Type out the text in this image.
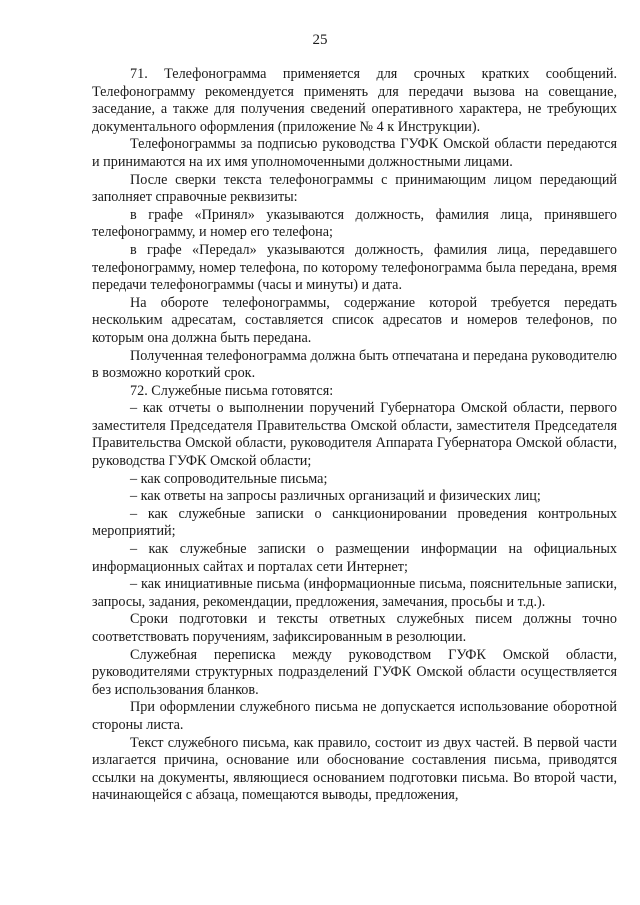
25

71. Телефонограмма применяется для срочных кратких сообщений. Телефонограмму рекомендуется применять для передачи вызова на совещание, заседание, а также для получения сведений оперативного характера, не требующих документального оформления (приложение № 4 к Инструкции).

Телефонограммы за подписью руководства ГУФК Омской области передаются и принимаются на их имя уполномоченными должностными лицами.

После сверки текста телефонограммы с принимающим лицом передающий заполняет справочные реквизиты:

в графе «Принял» указываются должность, фамилия лица, принявшего телефонограмму, и номер его телефона;

в графе «Передал» указываются должность, фамилия лица, передавшего телефонограмму, номер телефона, по которому телефонограмма была передана, время передачи телефонограммы (часы и минуты) и дата.

На обороте телефонограммы, содержание которой требуется передать нескольким адресатам, составляется список адресатов и номеров телефонов, по которым она должна быть передана.

Полученная телефонограмма должна быть отпечатана и передана руководителю в возможно короткий срок.

72. Служебные письма готовятся:

– как отчеты о выполнении поручений Губернатора Омской области, первого заместителя Председателя Правительства Омской области, заместителя Председателя Правительства Омской области, руководителя Аппарата Губернатора Омской области, руководства ГУФК Омской области;

– как сопроводительные письма;

– как ответы на запросы различных организаций и физических лиц;

– как служебные записки о санкционировании проведения контрольных мероприятий;

– как служебные записки о размещении информации на официальных информационных сайтах и порталах сети Интернет;

– как инициативные письма (информационные письма, пояснительные записки, запросы, задания, рекомендации, предложения, замечания, просьбы и т.д.).

Сроки подготовки и тексты ответных служебных писем должны точно соответствовать поручениям, зафиксированным в резолюции.

Служебная переписка между руководством ГУФК Омской области, руководителями структурных подразделений ГУФК Омской области осуществляется без использования бланков.

При оформлении служебного письма не допускается использование оборотной стороны листа.

Текст служебного письма, как правило, состоит из двух частей. В первой части излагается причина, основание или обоснование составления письма, приводятся ссылки на документы, являющиеся основанием подготовки письма. Во второй части, начинающейся с абзаца, помещаются выводы, предложения,
